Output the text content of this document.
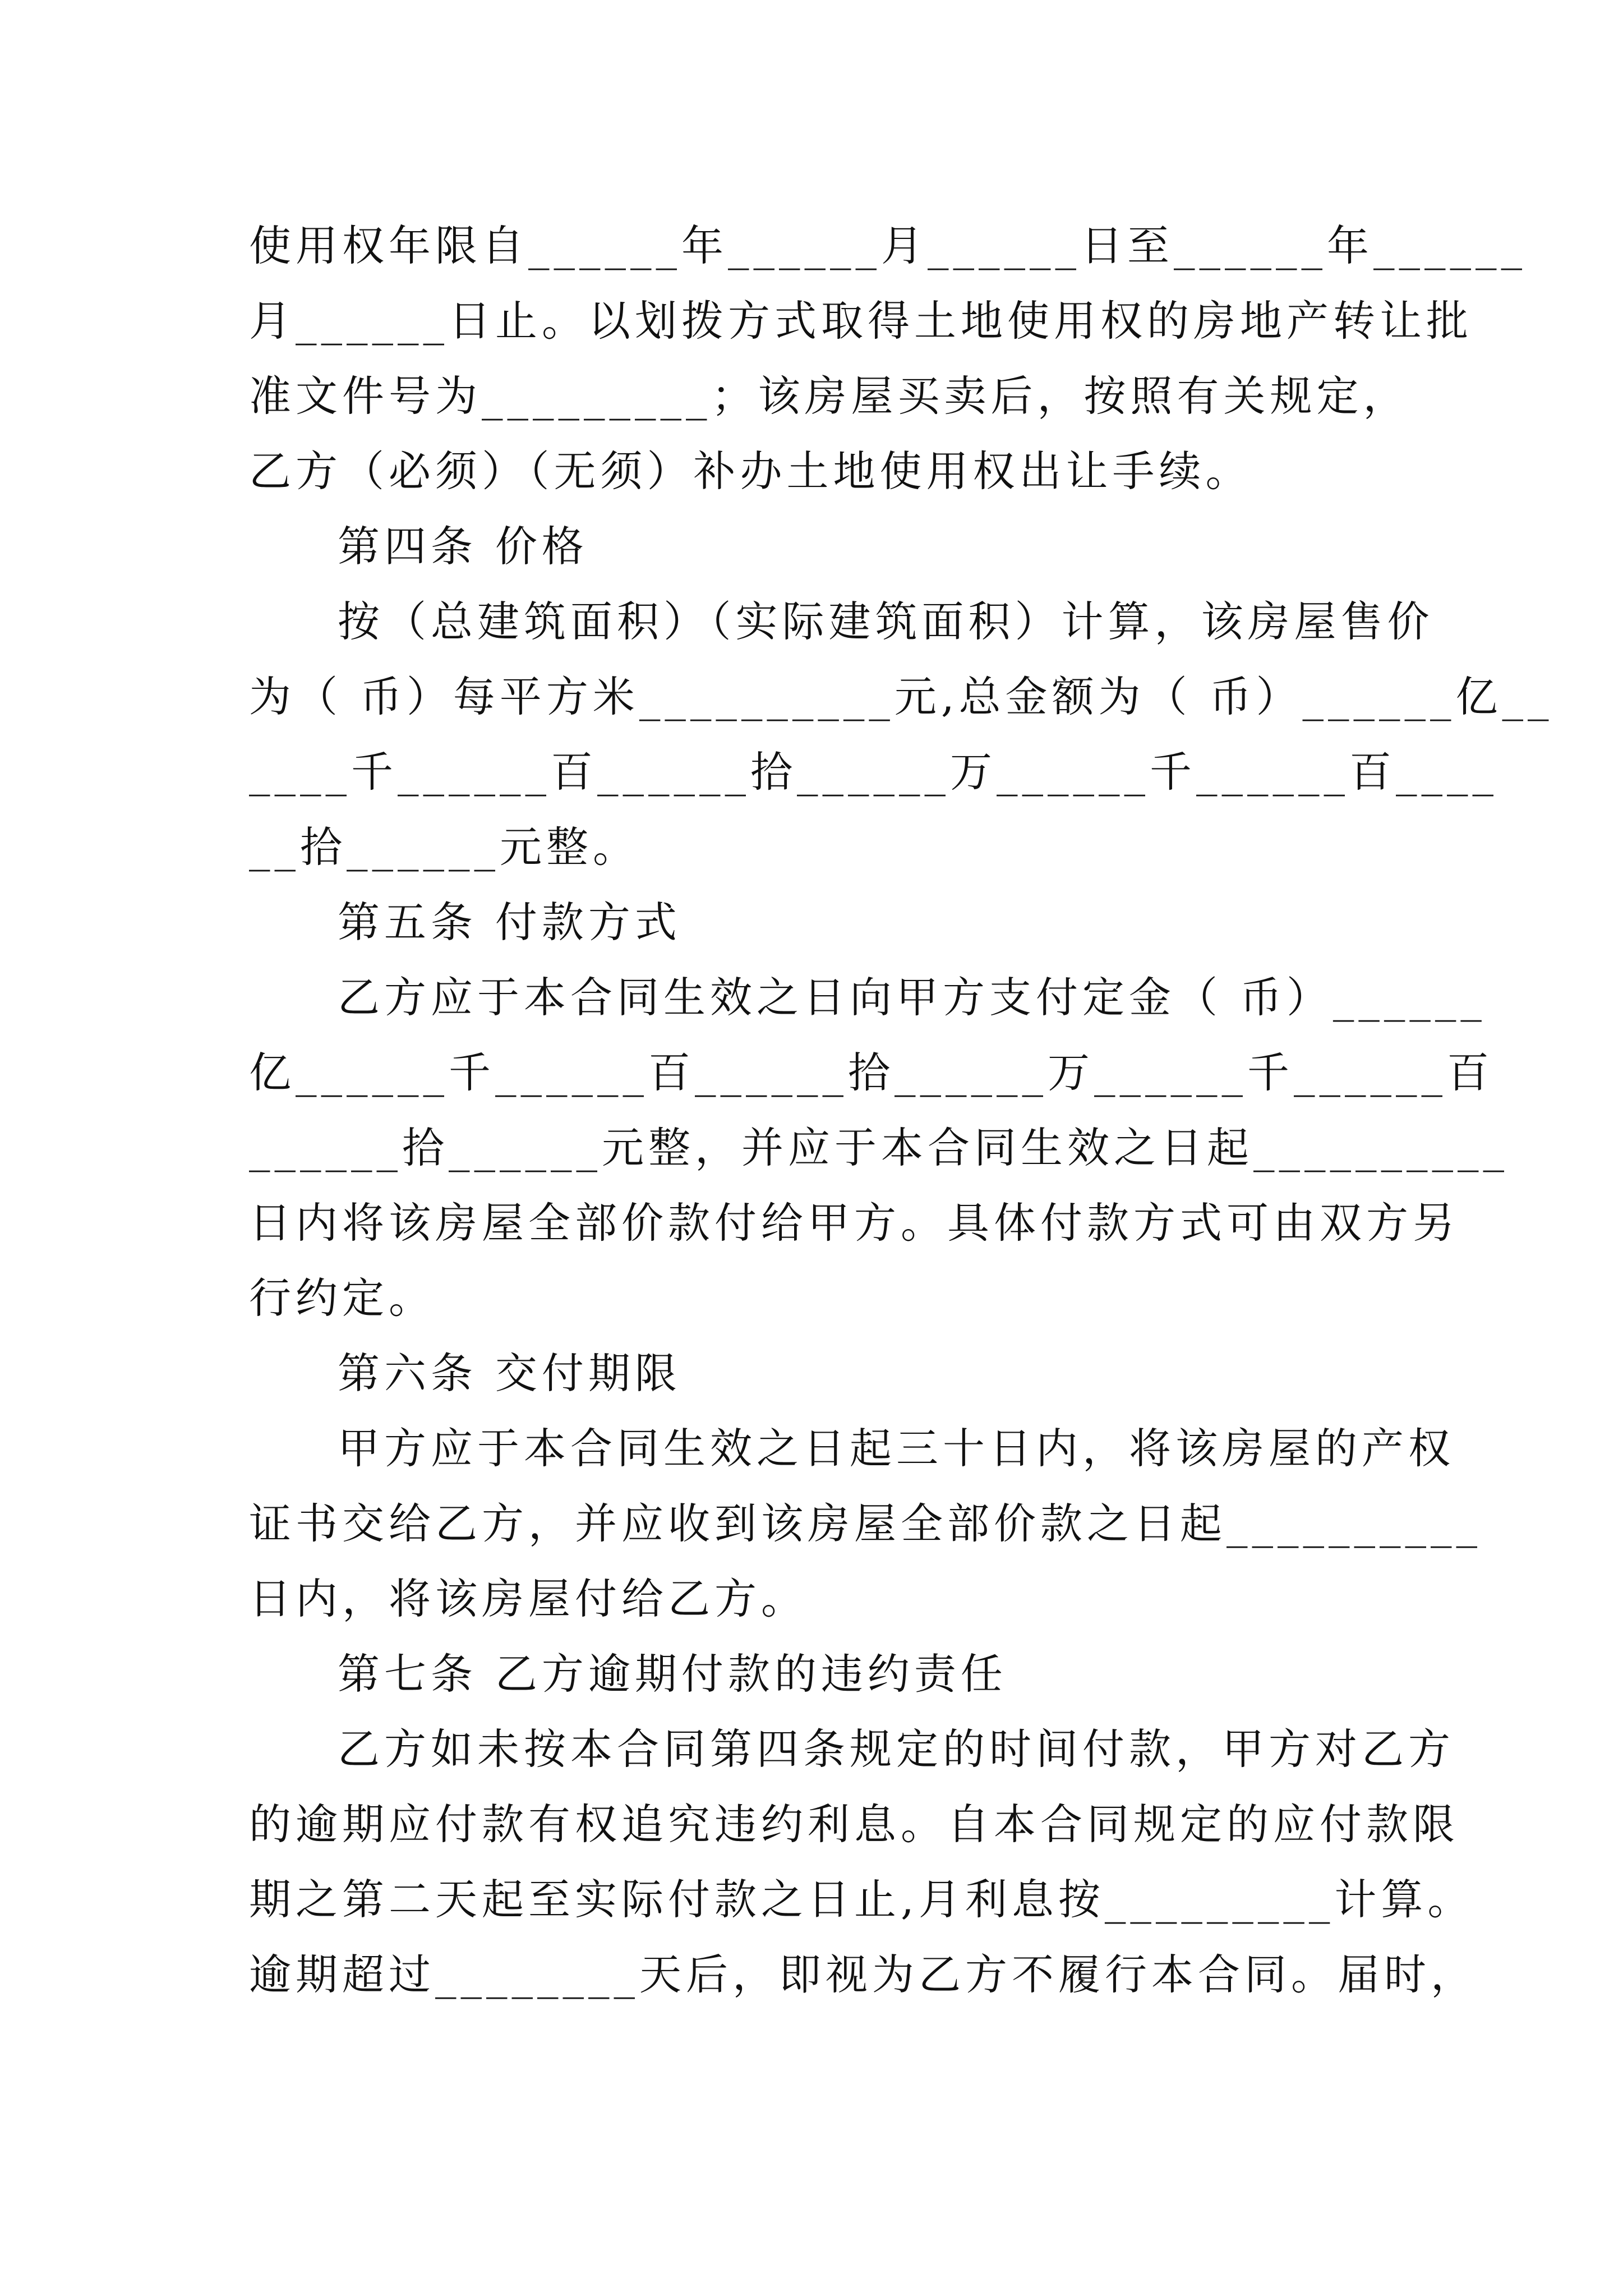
使用权年限自______年______月______日至______年______
月______日止。以划拨方式取得土地使用权的房地产转让批
准文件号为_________；该房屋买卖后，按照有关规定，
乙方（必须）（无须）补办土地使用权出让手续。
第四条 价格
按（总建筑面积）（实际建筑面积）计算，该房屋售价
为（ 币）每平方米__________元,总金额为（ 币）______亿__
____千______百______拾______万______千______百____
__拾______元整。
第五条 付款方式
乙方应于本合同生效之日向甲方支付定金（ 币）______
亿______千______百______拾______万______千______百
______拾______元整，并应于本合同生效之日起__________
日内将该房屋全部价款付给甲方。具体付款方式可由双方另
行约定。
第六条 交付期限
甲方应于本合同生效之日起三十日内，将该房屋的产权
证书交给乙方，并应收到该房屋全部价款之日起__________
日内，将该房屋付给乙方。
第七条 乙方逾期付款的违约责任
乙方如未按本合同第四条规定的时间付款，甲方对乙方
的逾期应付款有权追究违约利息。自本合同规定的应付款限
期之第二天起至实际付款之日止,月利息按_________计算。
逾期超过________天后，即视为乙方不履行本合同。届时，
